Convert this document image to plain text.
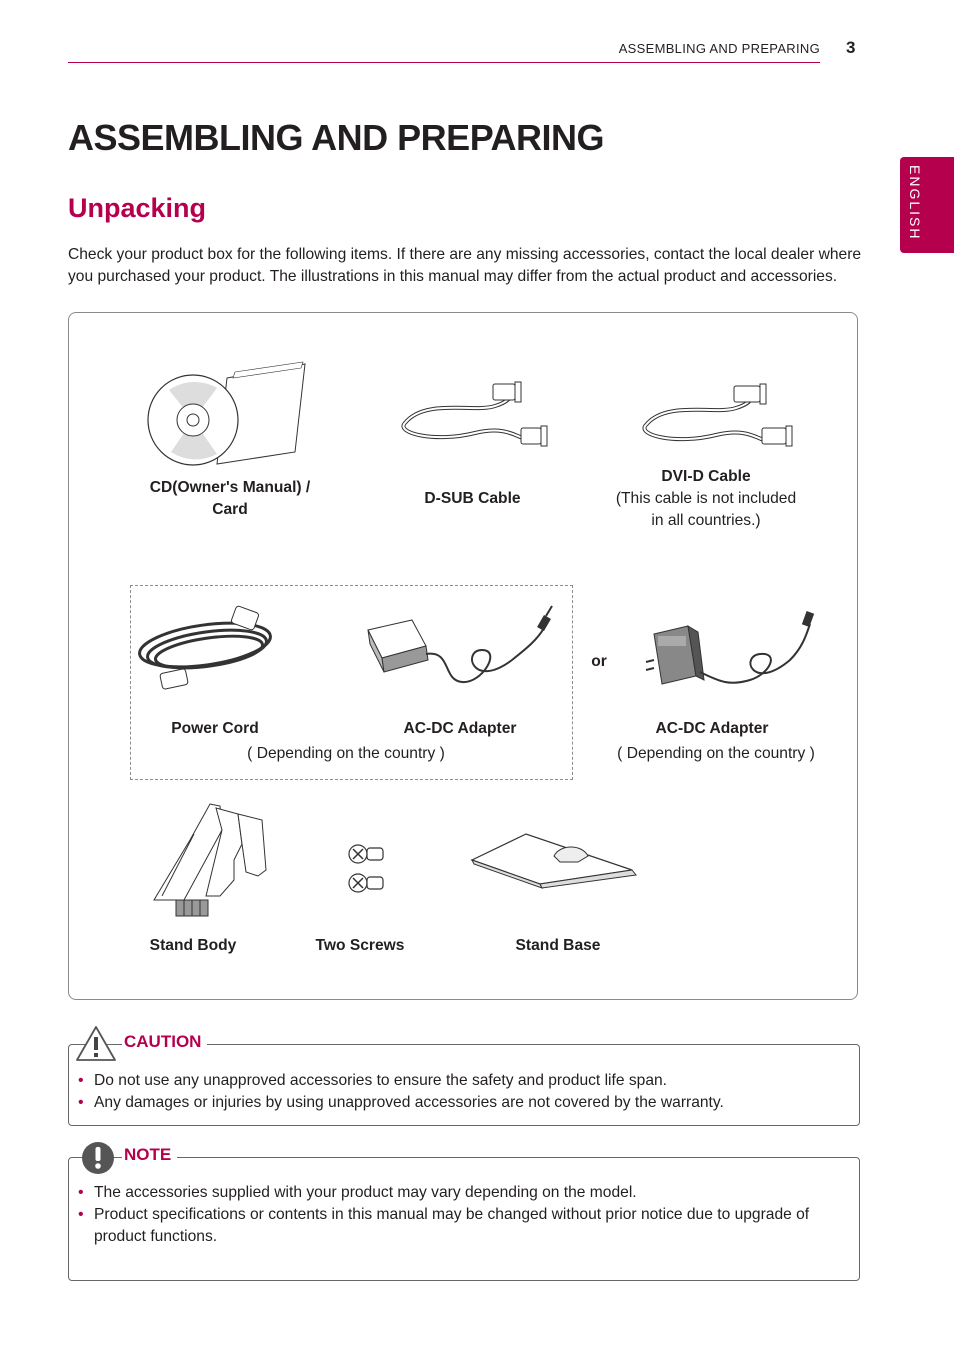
ASSEMBLING AND PREPARING 3
ENGLISH
ASSEMBLING AND PREPARING
Unpacking

Check your product box for the following items. If there are any missing accessories, contact the local dealer where you purchased your product. The illustrations in this manual may differ from the actual product and accessories.

CD(Owner's Manual) /
Card
D-SUB Cable
DVI-D Cable
(This cable is not included
in all countries.)
Power Cord	AC-DC Adapter
( Depending on the country )
or
AC-DC Adapter
( Depending on the country )
Stand Body	Two Screws	Stand Base
CAUTION
• Do not use any unapproved accessories to ensure the safety and product life span.
• Any damages or injuries by using unapproved accessories are not covered by the warranty.
NOTE
• The accessories supplied with your product may vary depending on the model.
• Product specifications or contents in this manual may be changed without prior notice due to upgrade of product functions.
